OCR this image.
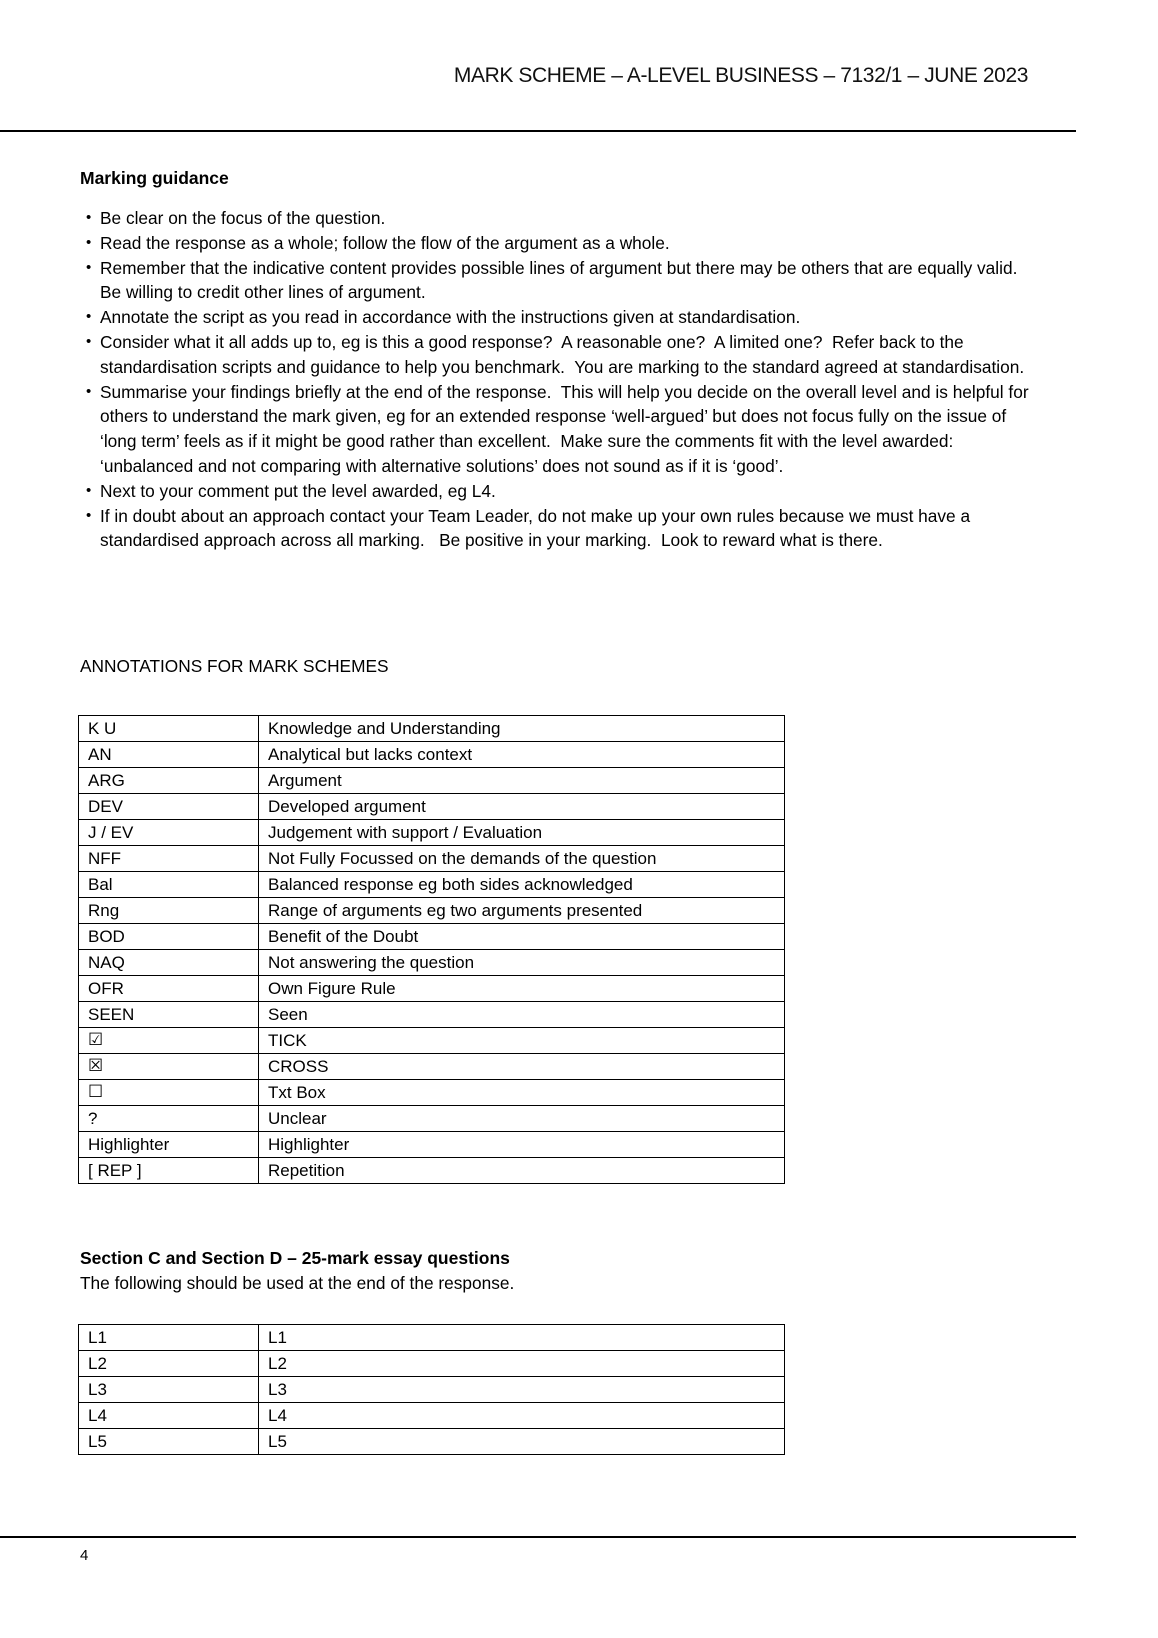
MARK SCHEME – A-LEVEL BUSINESS – 7132/1 – JUNE 2023
Marking guidance
• Be clear on the focus of the question.
• Read the response as a whole; follow the flow of the argument as a whole.
• Remember that the indicative content provides possible lines of argument but there may be others that are equally valid.  Be willing to credit other lines of argument.
• Annotate the script as you read in accordance with the instructions given at standardisation.
• Consider what it all adds up to, eg is this a good response?  A reasonable one?  A limited one?  Refer back to the standardisation scripts and guidance to help you benchmark.  You are marking to the standard agreed at standardisation.
• Summarise your findings briefly at the end of the response.  This will help you decide on the overall level and is helpful for others to understand the mark given, eg for an extended response ‘well-argued’ but does not focus fully on the issue of ‘long term’ feels as if it might be good rather than excellent.  Make sure the comments fit with the level awarded: ‘unbalanced and not comparing with alternative solutions’ does not sound as if it is ‘good’.
• Next to your comment put the level awarded, eg L4.
• If in doubt about an approach contact your Team Leader, do not make up your own rules because we must have a standardised approach across all marking.   Be positive in your marking.  Look to reward what is there.
ANNOTATIONS FOR MARK SCHEMES
K U	Knowledge and Understanding
AN	Analytical but lacks context
ARG	Argument
DEV	Developed argument
J / EV	Judgement with support / Evaluation
NFF	Not Fully Focussed on the demands of the question
Bal	Balanced response eg both sides acknowledged
Rng	Range of arguments eg two arguments presented
BOD	Benefit of the Doubt
NAQ	Not answering the question
OFR	Own Figure Rule
SEEN	Seen
☑	TICK
☒	CROSS
☐	Txt Box
?	Unclear
Highlighter	Highlighter
[ REP ]	Repetition
Section C and Section D – 25-mark essay questions

The following should be used at the end of the response.

L1	L1
L2	L2
L3	L3
L4	L4
L5	L5
4
